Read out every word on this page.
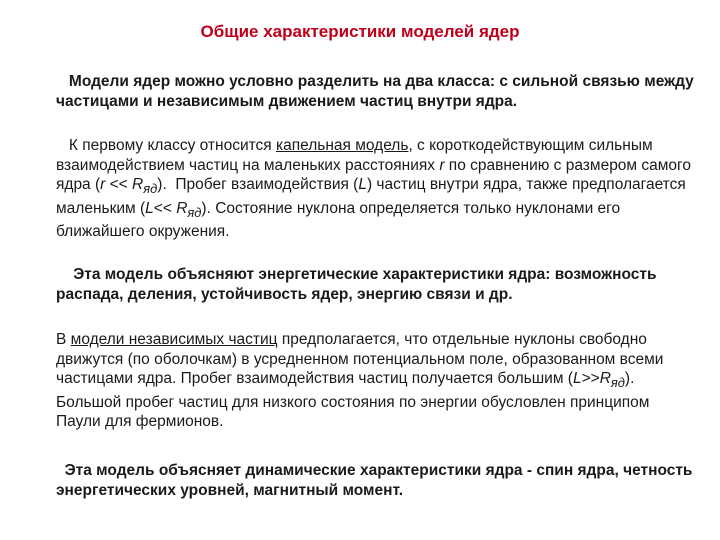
Общие характеристики моделей ядер

Модели ядер можно условно разделить на два класса: с сильной связью между частицами и независимым движением частиц внутри ядра.

К первому классу относится капельная модель, с короткодействующим сильным взаимодействием частиц на маленьких расстояниях r по сравнению с размером самого ядра $(r << R_{яд})$.  Пробег взаимодействия (L) частиц внутри ядра, также предполагается маленьким $(L<< R_{яд})$. Состояние нуклона определяется только нуклонами его ближайшего окружения.

Эта модель объясняют энергетические характеристики ядра: возможность распада, деления, устойчивость ядер, энергию связи и др.

В модели независимых частиц предполагается, что отдельные нуклоны свободно движутся (по оболочкам) в усредненном потенциальном поле, образованном всеми частицами ядра. Пробег взаимодействия частиц получается большим $(L>>R_{яд})$. Большой пробег частиц для низкого состояния по энергии обусловлен принципом Паули для фермионов.

Эта модель объясняет динамические характеристики ядра - спин ядра, четность энергетических уровней, магнитный момент.
